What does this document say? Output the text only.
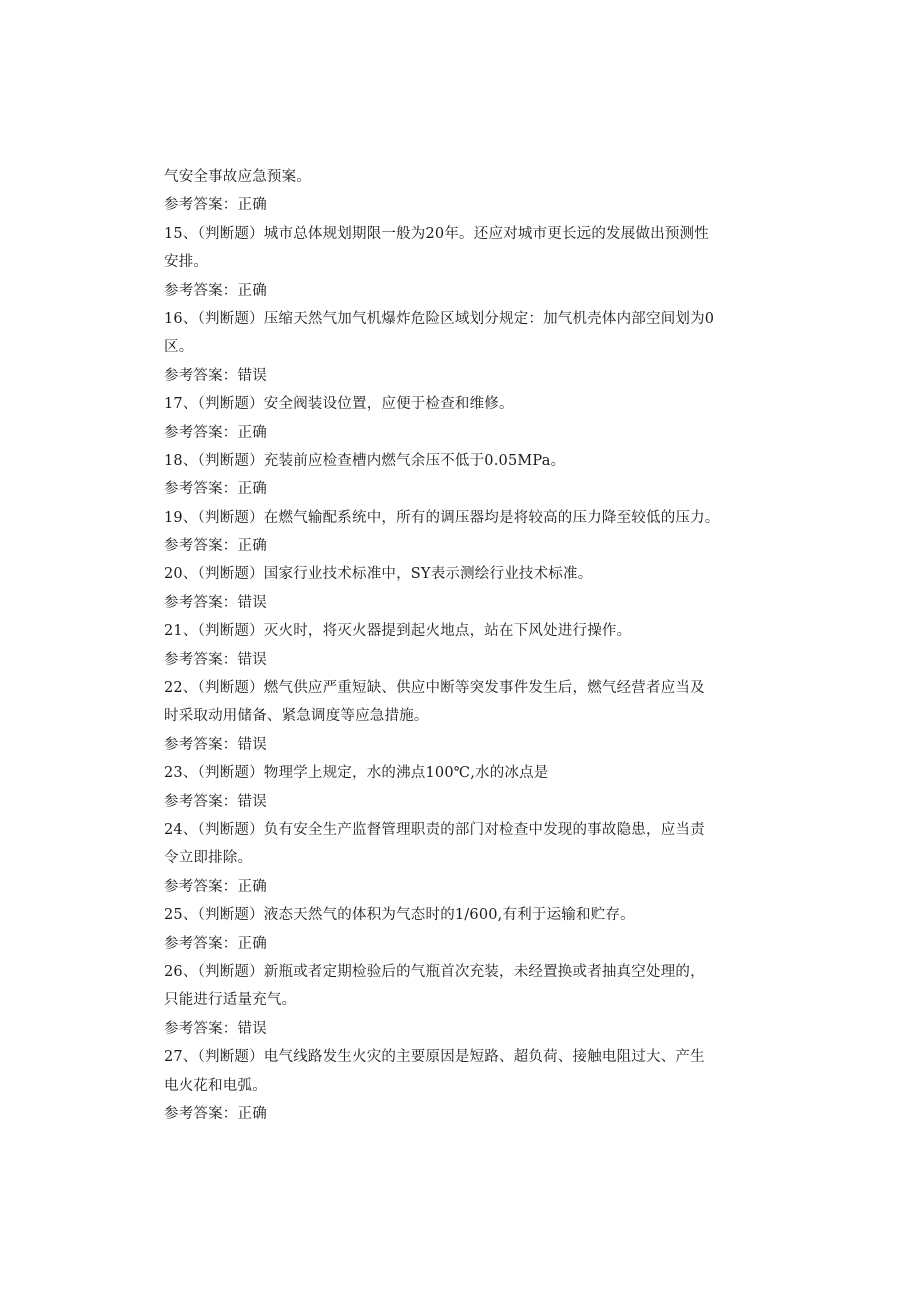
气安全事故应急预案。
参考答案：正确
15、（判断题）城市总体规划期限一般为20年。还应对城市更长远的发展做出预测性
安排。
参考答案：正确
16、（判断题）压缩天然气加气机爆炸危险区域划分规定：加气机壳体内部空间划为0
区。
参考答案：错误
17、（判断题）安全阀装设位置，应便于检查和维修。
参考答案：正确
18、（判断题）充装前应检查槽内燃气余压不低于0.05MPa。
参考答案：正确
19、（判断题）在燃气输配系统中，所有的调压器均是将较高的压力降至较低的压力。
参考答案：正确
20、（判断题）国家行业技术标准中，SY表示测绘行业技术标准。
参考答案：错误
21、（判断题）灭火时，将灭火器提到起火地点，站在下风处进行操作。
参考答案：错误
22、（判断题）燃气供应严重短缺、供应中断等突发事件发生后，燃气经营者应当及
时采取动用储备、紧急调度等应急措施。
参考答案：错误
23、（判断题）物理学上规定，水的沸点100℃,水的冰点是
参考答案：错误
24、（判断题）负有安全生产监督管理职责的部门对检查中发现的事故隐患，应当责
令立即排除。
参考答案：正确
25、（判断题）液态天然气的体积为气态时的1/600,有利于运输和贮存。
参考答案：正确
26、（判断题）新瓶或者定期检验后的气瓶首次充装，未经置换或者抽真空处理的，
只能进行适量充气。
参考答案：错误
27、（判断题）电气线路发生火灾的主要原因是短路、超负荷、接触电阻过大、产生
电火花和电弧。
参考答案：正确
